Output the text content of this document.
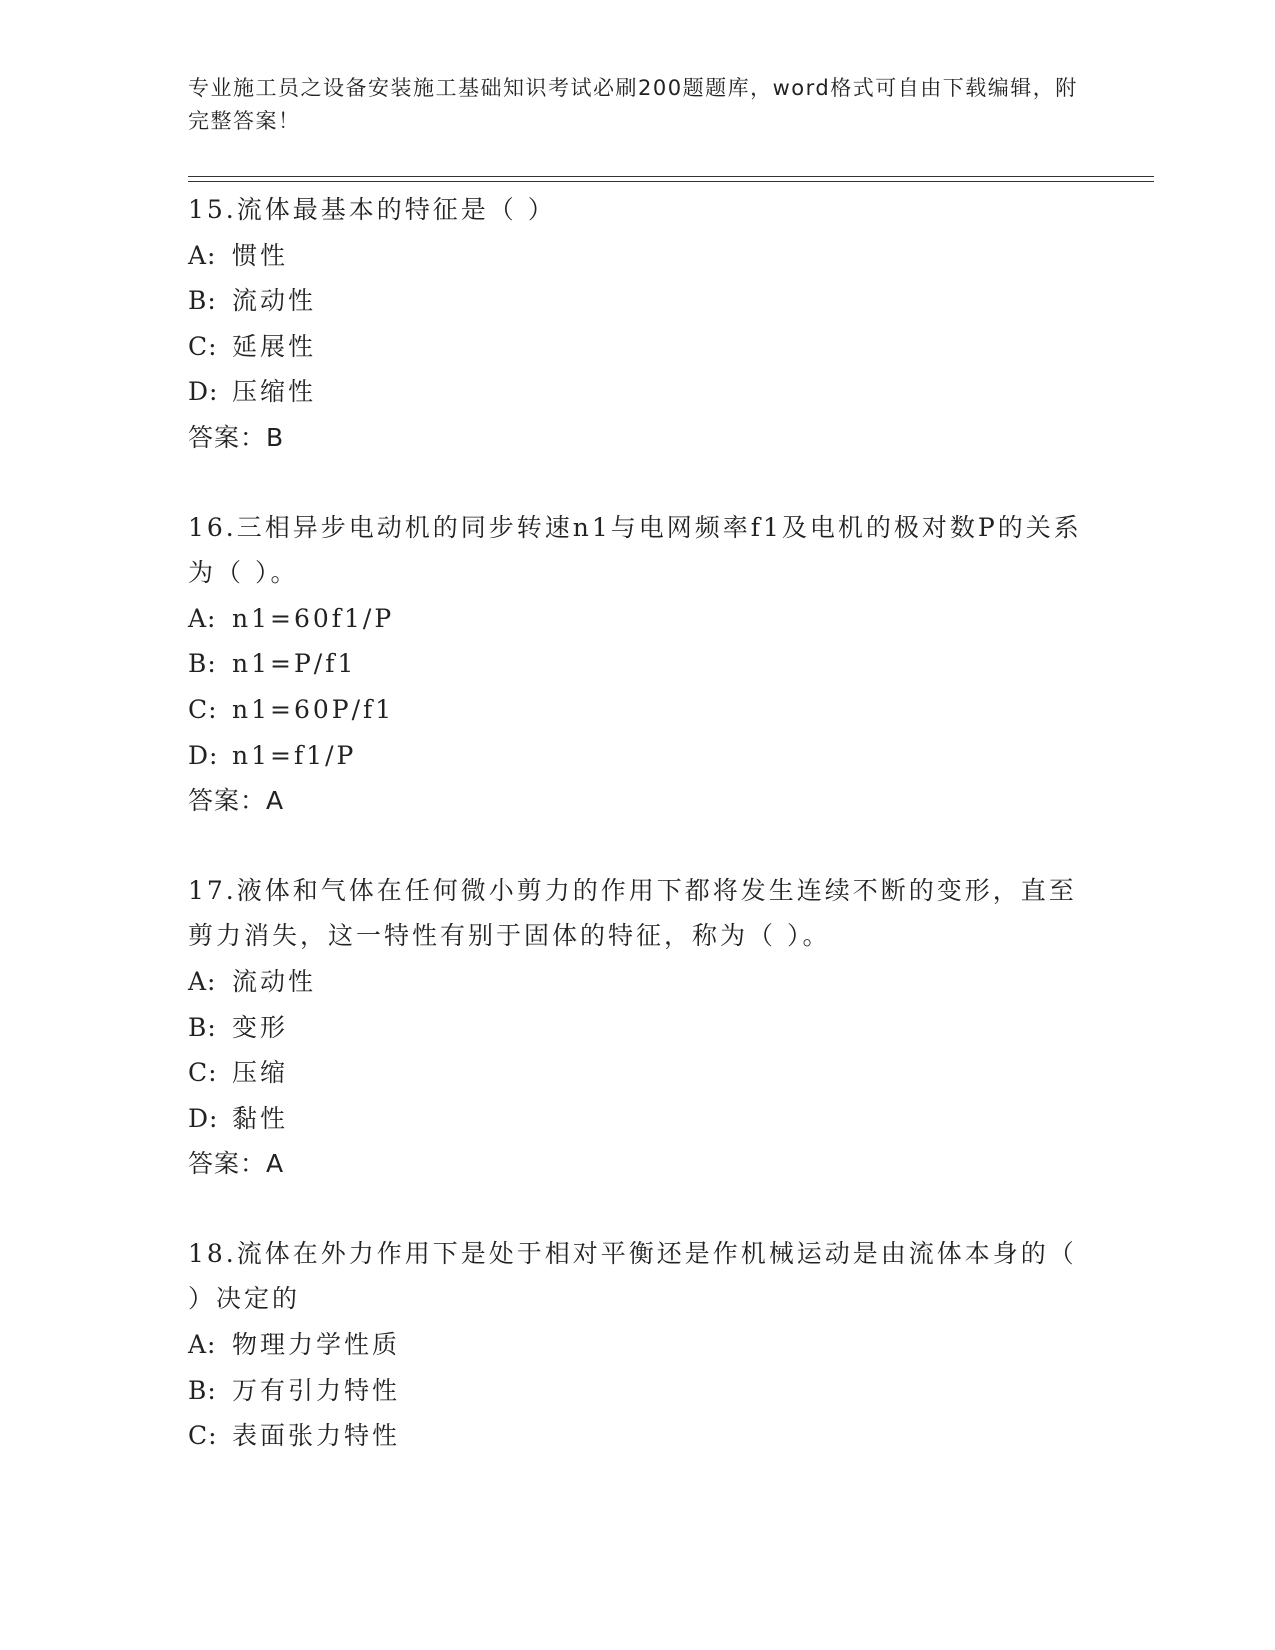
专业施工员之设备安装施工基础知识考试必刷200题题库，word格式可自由下载编辑，附完整答案！

15.流体最基本的特征是（ ）

A: 惯性

B: 流动性

C: 延展性

D: 压缩性

答案：B

16.三相异步电动机的同步转速n1与电网频率f1及电机的极对数P的关系为（ ）。

A: n1=60f1/P

B: n1=P/f1

C: n1=60P/f1

D: n1=f1/P

答案：A

17.液体和气体在任何微小剪力的作用下都将发生连续不断的变形，直至剪力消失，这一特性有别于固体的特征，称为（ ）。

A: 流动性

B: 变形

C: 压缩

D: 黏性

答案：A

18.流体在外力作用下是处于相对平衡还是作机械运动是由流体本身的（ ）决定的

A: 物理力学性质

B: 万有引力特性

C: 表面张力特性
